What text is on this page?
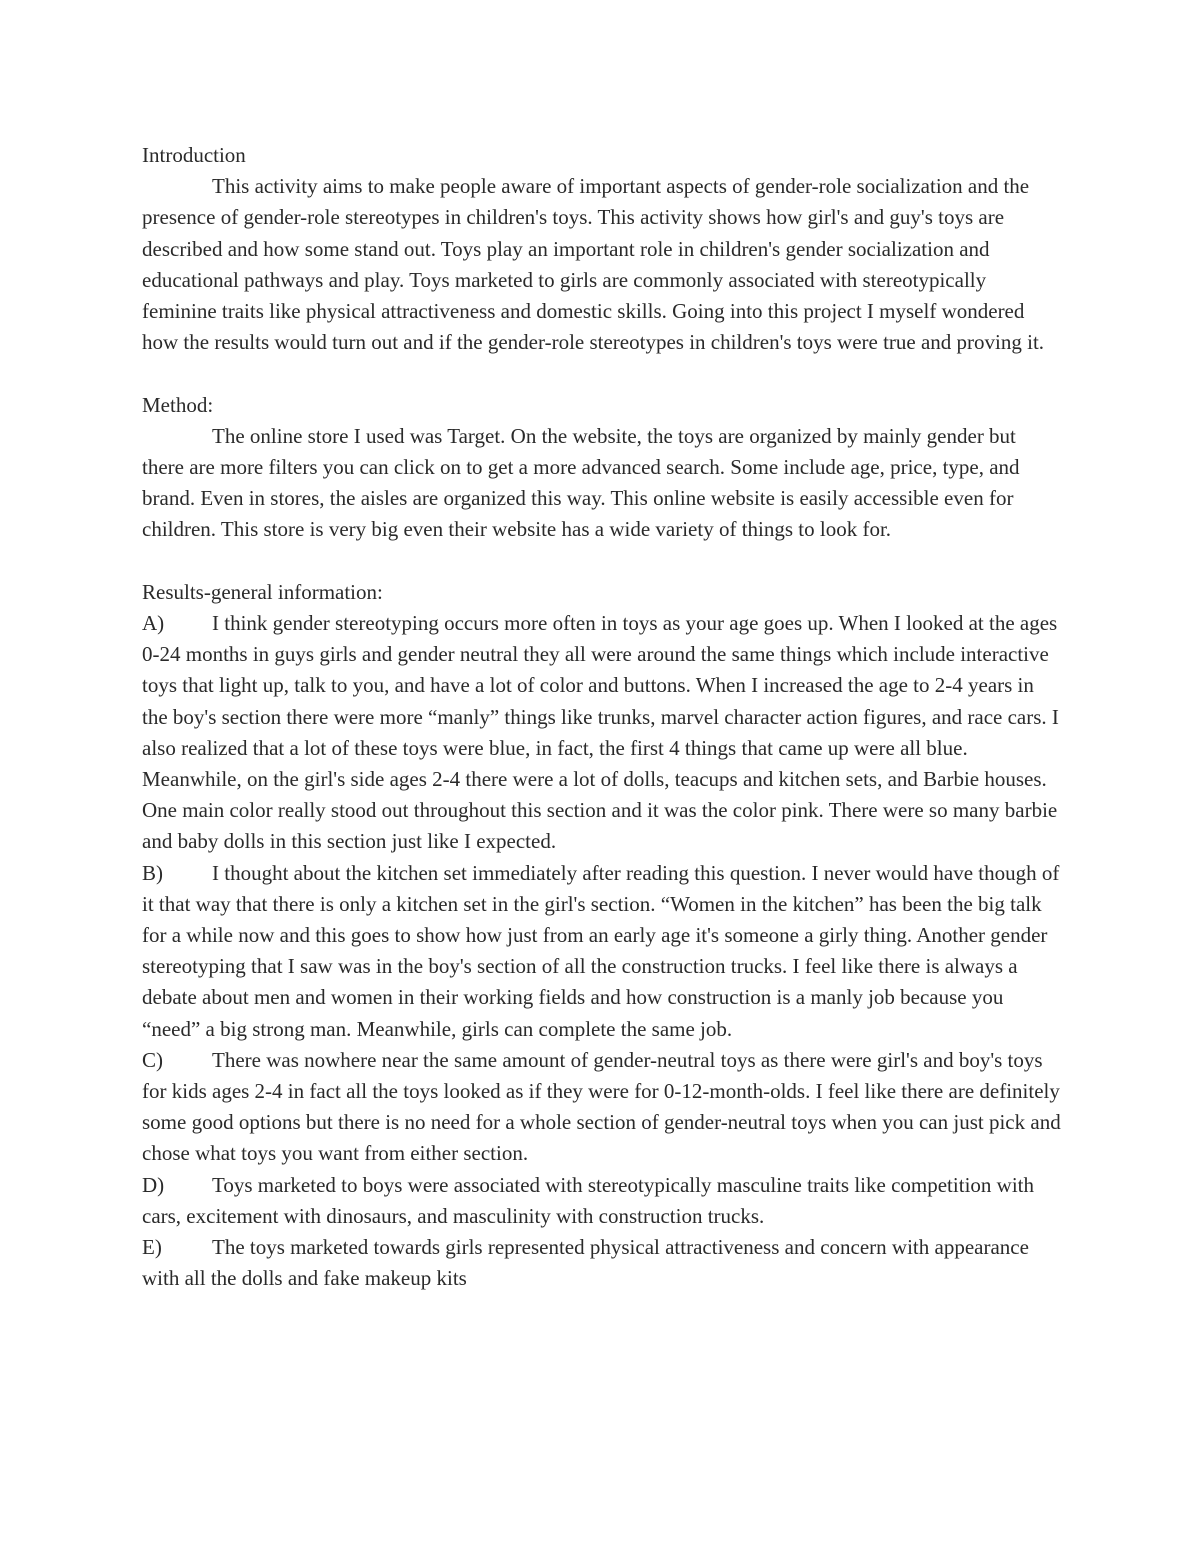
Introduction

This activity aims to make people aware of important aspects of gender-role socialization and the presence of gender-role stereotypes in children's toys. This activity shows how girl's and guy's toys are described and how some stand out. Toys play an important role in children's gender socialization and educational pathways and play. Toys marketed to girls are commonly associated with stereotypically feminine traits like physical attractiveness and domestic skills. Going into this project I myself wondered how the results would turn out and if the gender-role stereotypes in children's toys were true and proving it.

Method:

The online store I used was Target. On the website, the toys are organized by mainly gender but there are more filters you can click on to get a more advanced search. Some include age, price, type, and brand. Even in stores, the aisles are organized this way. This online website is easily accessible even for children. This store is very big even their website has a wide variety of things to look for.

Results-general information:

A) I think gender stereotyping occurs more often in toys as your age goes up. When I looked at the ages 0-24 months in guys girls and gender neutral they all were around the same things which include interactive toys that light up, talk to you, and have a lot of color and buttons. When I increased the age to 2-4 years in the boy's section there were more “manly” things like trunks, marvel character action figures, and race cars. I also realized that a lot of these toys were blue, in fact, the first 4 things that came up were all blue. Meanwhile, on the girl's side ages 2-4 there were a lot of dolls, teacups and kitchen sets, and Barbie houses. One main color really stood out throughout this section and it was the color pink. There were so many barbie and baby dolls in this section just like I expected.

B) I thought about the kitchen set immediately after reading this question. I never would have though of it that way that there is only a kitchen set in the girl's section. “Women in the kitchen” has been the big talk for a while now and this goes to show how just from an early age it's someone a girly thing. Another gender stereotyping that I saw was in the boy's section of all the construction trucks. I feel like there is always a debate about men and women in their working fields and how construction is a manly job because you “need” a big strong man. Meanwhile, girls can complete the same job.

C) There was nowhere near the same amount of gender-neutral toys as there were girl's and boy's toys for kids ages 2-4 in fact all the toys looked as if they were for 0-12-month-olds. I feel like there are definitely some good options but there is no need for a whole section of gender-neutral toys when you can just pick and chose what toys you want from either section.

D) Toys marketed to boys were associated with stereotypically masculine traits like competition with cars, excitement with dinosaurs, and masculinity with construction trucks.

E) The toys marketed towards girls represented physical attractiveness and concern with appearance with all the dolls and fake makeup kits
